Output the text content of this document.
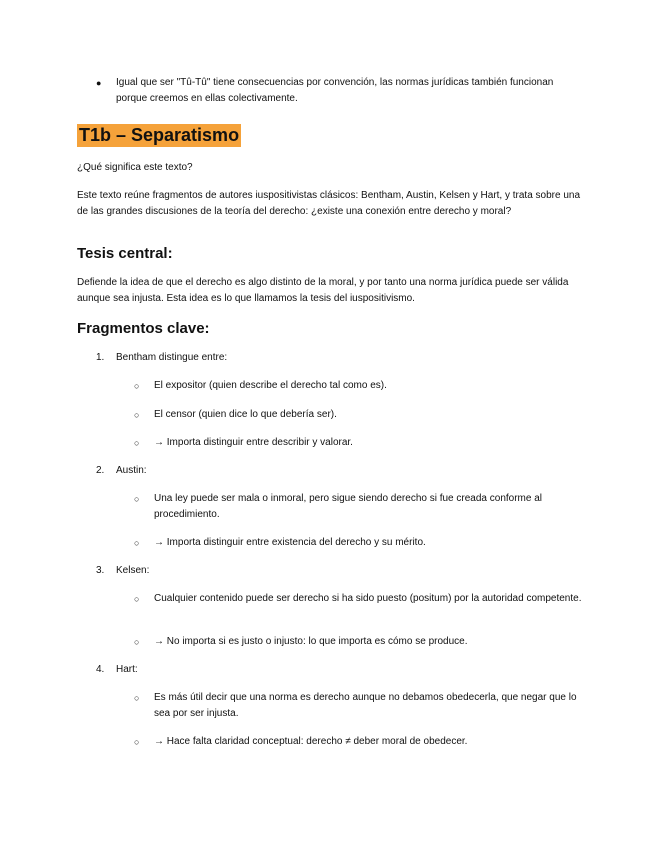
● Igual que ser "Tû-Tû" tiene consecuencias por convención, las normas jurídicas también funcionan porque creemos en ellas colectivamente.
T1b – Separatismo
¿Qué significa este texto?
Este texto reúne fragmentos de autores iuspositivistas clásicos: Bentham, Austin, Kelsen y Hart, y trata sobre una de las grandes discusiones de la teoría del derecho: ¿existe una conexión entre derecho y moral?
Tesis central:
Defiende la idea de que el derecho es algo distinto de la moral, y por tanto una norma jurídica puede ser válida aunque sea injusta. Esta idea es lo que llamamos la tesis del iuspositivismo.
Fragmentos clave:
1. Bentham distingue entre:
○ El expositor (quien describe el derecho tal como es).
○ El censor (quien dice lo que debería ser).
○ → Importa distinguir entre describir y valorar.
2. Austin:
○ Una ley puede ser mala o inmoral, pero sigue siendo derecho si fue creada conforme al procedimiento.
○ → Importa distinguir entre existencia del derecho y su mérito.
3. Kelsen:
○ Cualquier contenido puede ser derecho si ha sido puesto (positum) por la autoridad competente.
○ → No importa si es justo o injusto: lo que importa es cómo se produce.
4. Hart:
○ Es más útil decir que una norma es derecho aunque no debamos obedecerla, que negar que lo sea por ser injusta.
○ → Hace falta claridad conceptual: derecho ≠ deber moral de obedecer.
